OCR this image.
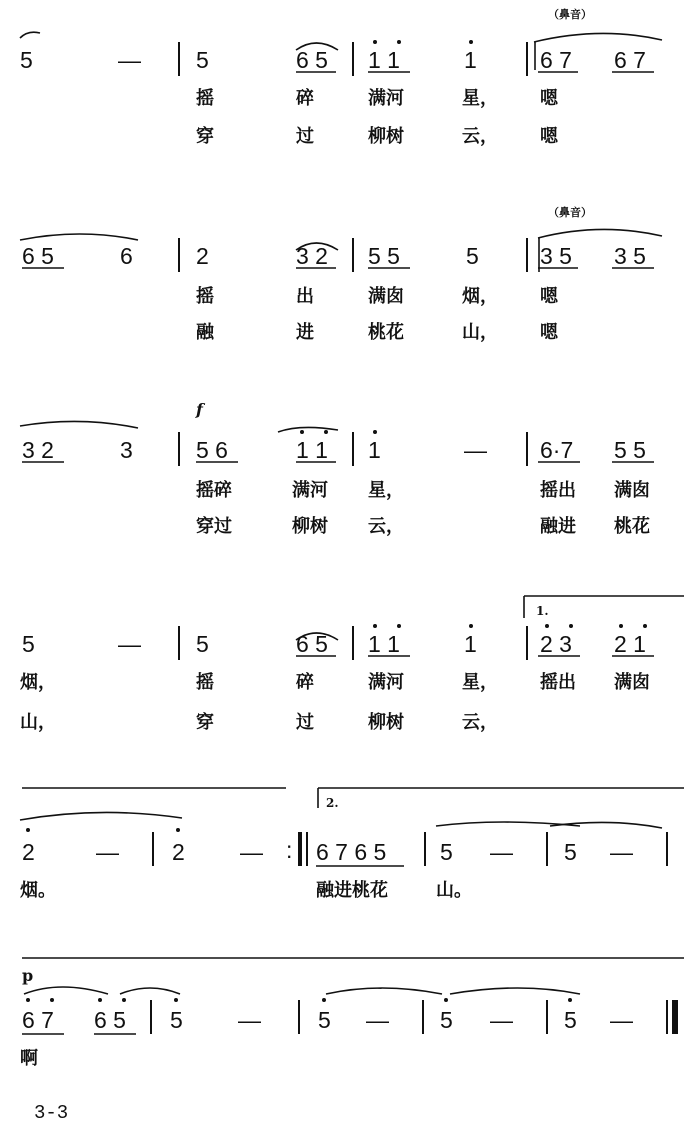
（鼻音）
（鼻音）
f
p
1.
2.
5	— 5	6 5 1 1	1	6 7 6 7
摇	碎	满河	星， 嗯
穿	过	柳树	云， 嗯
6 5	6	2	3 2 5 5	5	3 5 3 5
摇	出	满囱	烟， 嗯
融	进	桃花	山， 嗯
3 2	3	5 6	1 1 1	— 6·7 5 5
摇碎	满河 星，	摇出 满囱
穿过	柳树 云，	融进 桃花
5	— 5	6 5 1 1	1	2 3 2 1
烟，	摇	碎	满河	星， 摇出 满囱
山，	穿	过	柳树	云，
2	— 2 — : 6 7 6 5 5 — 5 —
烟。	融进桃花	山。
6 7 6 5 5 — 5 — 5 — 5 —
啊
3-3
